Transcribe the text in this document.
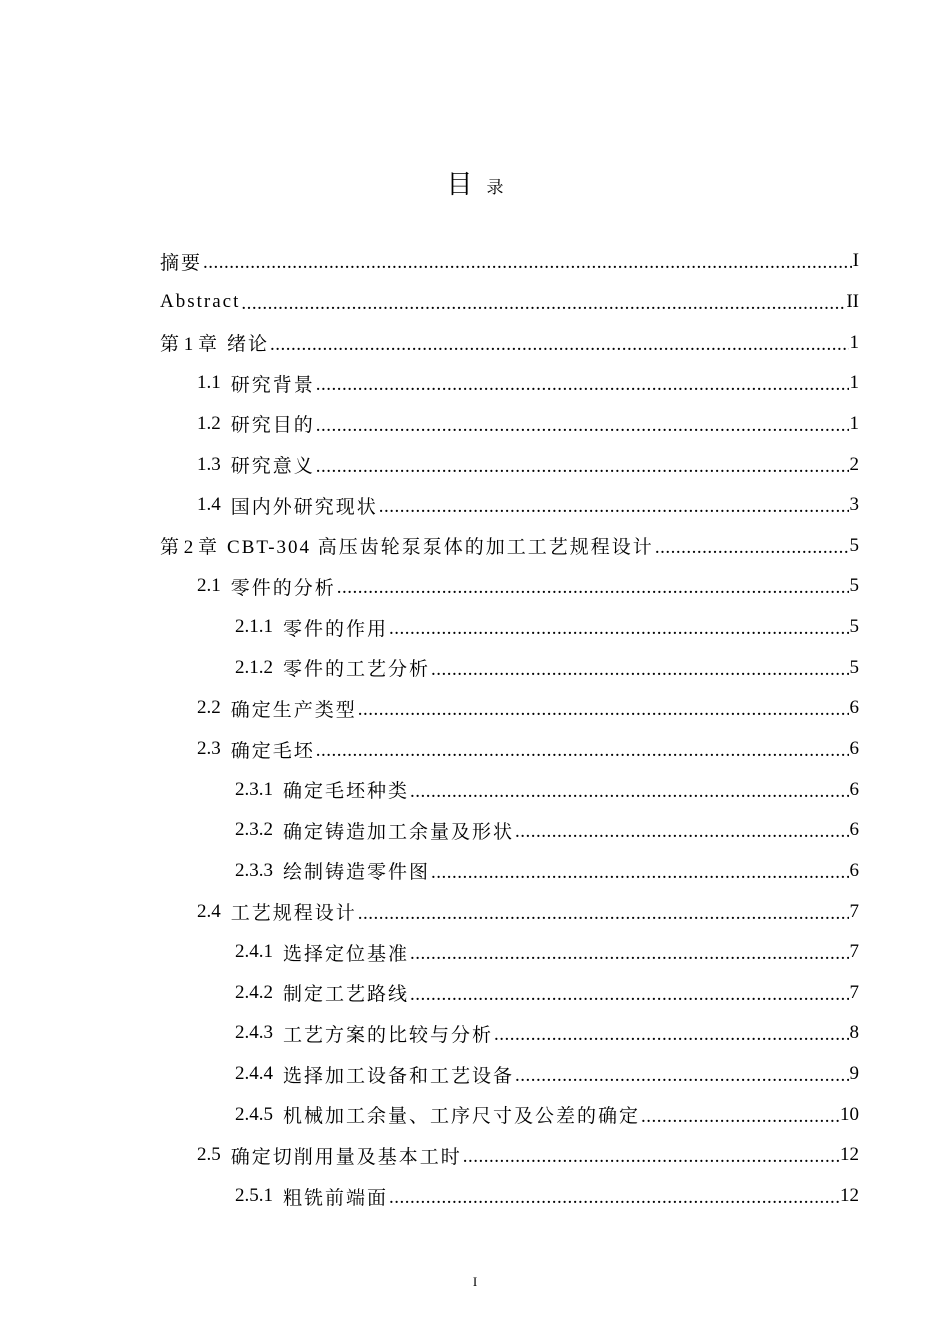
目录
摘要 .....	I
Abstract .....	II
第 1 章 绪论 .....	1
1.1 研究背景 .....	1
1.2 研究目的 .....	1
1.3 研究意义 .....	2
1.4 国内外研究现状 .....	3
第 2 章 CBT-304 高压齿轮泵泵体的加工工艺规程设计 .....	5
2.1 零件的分析 .....	5
2.1.1 零件的作用 .....	5
2.1.2 零件的工艺分析 .....	5
2.2 确定生产类型 .....	6
2.3 确定毛坯 .....	6
2.3.1 确定毛坯种类 .....	6
2.3.2 确定铸造加工余量及形状 .....	6
2.3.3 绘制铸造零件图 .....	6
2.4 工艺规程设计 .....	7
2.4.1 选择定位基准 .....	7
2.4.2 制定工艺路线 .....	7
2.4.3 工艺方案的比较与分析 .....	8
2.4.4 选择加工设备和工艺设备 .....	9
2.4.5 机械加工余量、工序尺寸及公差的确定 .....	10
2.5 确定切削用量及基本工时 .....	12
2.5.1 粗铣前端面 .....	12
I
